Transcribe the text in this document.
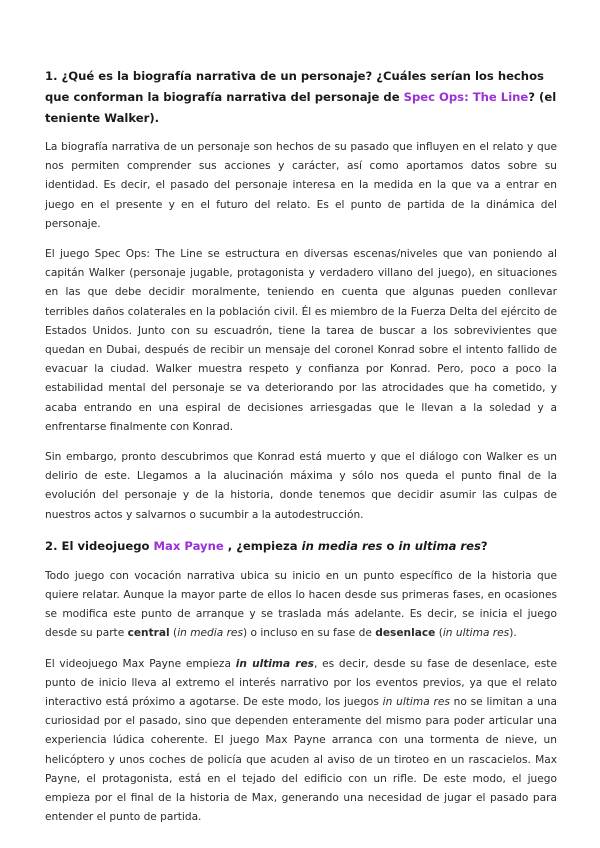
1. ¿Qué es la biografía narrativa de un personaje? ¿Cuáles serían los hechos que conforman la biografía narrativa del personaje de Spec Ops: The Line? (el teniente Walker).

La biografía narrativa de un personaje son hechos de su pasado que influyen en el relato y que nos permiten comprender sus acciones y carácter, así como aportamos datos sobre su identidad. Es decir, el pasado del personaje interesa en la medida en la que va a entrar en juego en el presente y en el futuro del relato. Es el punto de partida de la dinámica del personaje.

El juego Spec Ops: The Line se estructura en diversas escenas/niveles que van poniendo al capitán Walker (personaje jugable, protagonista y verdadero villano del juego), en situaciones en las que debe decidir moralmente, teniendo en cuenta que algunas pueden conllevar terribles daños colaterales en la población civil. Él es miembro de la Fuerza Delta del ejército de Estados Unidos. Junto con su escuadrón, tiene la tarea de buscar a los sobrevivientes que quedan en Dubai, después de recibir un mensaje del coronel Konrad sobre el intento fallido de evacuar la ciudad. Walker muestra respeto y confianza por Konrad. Pero, poco a poco la estabilidad mental del personaje se va deteriorando por las atrocidades que ha cometido, y acaba entrando en una espiral de decisiones arriesgadas que le llevan a la soledad y a enfrentarse finalmente con Konrad.

Sin embargo, pronto descubrimos que Konrad está muerto y que el diálogo con Walker es un delirio de este. Llegamos a la alucinación máxima y sólo nos queda el punto final de la evolución del personaje y de la historia, donde tenemos que decidir asumir las culpas de nuestros actos y salvarnos o sucumbir a la autodestrucción.

2. El videojuego Max Payne , ¿empieza in media res o in ultima res?

Todo juego con vocación narrativa ubica su inicio en un punto específico de la historia que quiere relatar. Aunque la mayor parte de ellos lo hacen desde sus primeras fases, en ocasiones se modifica este punto de arranque y se traslada más adelante. Es decir, se inicia el juego desde su parte central (in media res) o incluso en su fase de desenlace (in ultima res).

El videojuego Max Payne empieza in ultima res, es decir, desde su fase de desenlace, este punto de inicio lleva al extremo el interés narrativo por los eventos previos, ya que el relato interactivo está próximo a agotarse. De este modo, los juegos in ultima res no se limitan a una curiosidad por el pasado, sino que dependen enteramente del mismo para poder articular una experiencia lúdica coherente. El juego Max Payne arranca con una tormenta de nieve, un helicóptero y unos coches de policía que acuden al aviso de un tiroteo en un rascacielos. Max Payne, el protagonista, está en el tejado del edificio con un rifle. De este modo, el juego empieza por el final de la historia de Max, generando una necesidad de jugar el pasado para entender el punto de partida.
